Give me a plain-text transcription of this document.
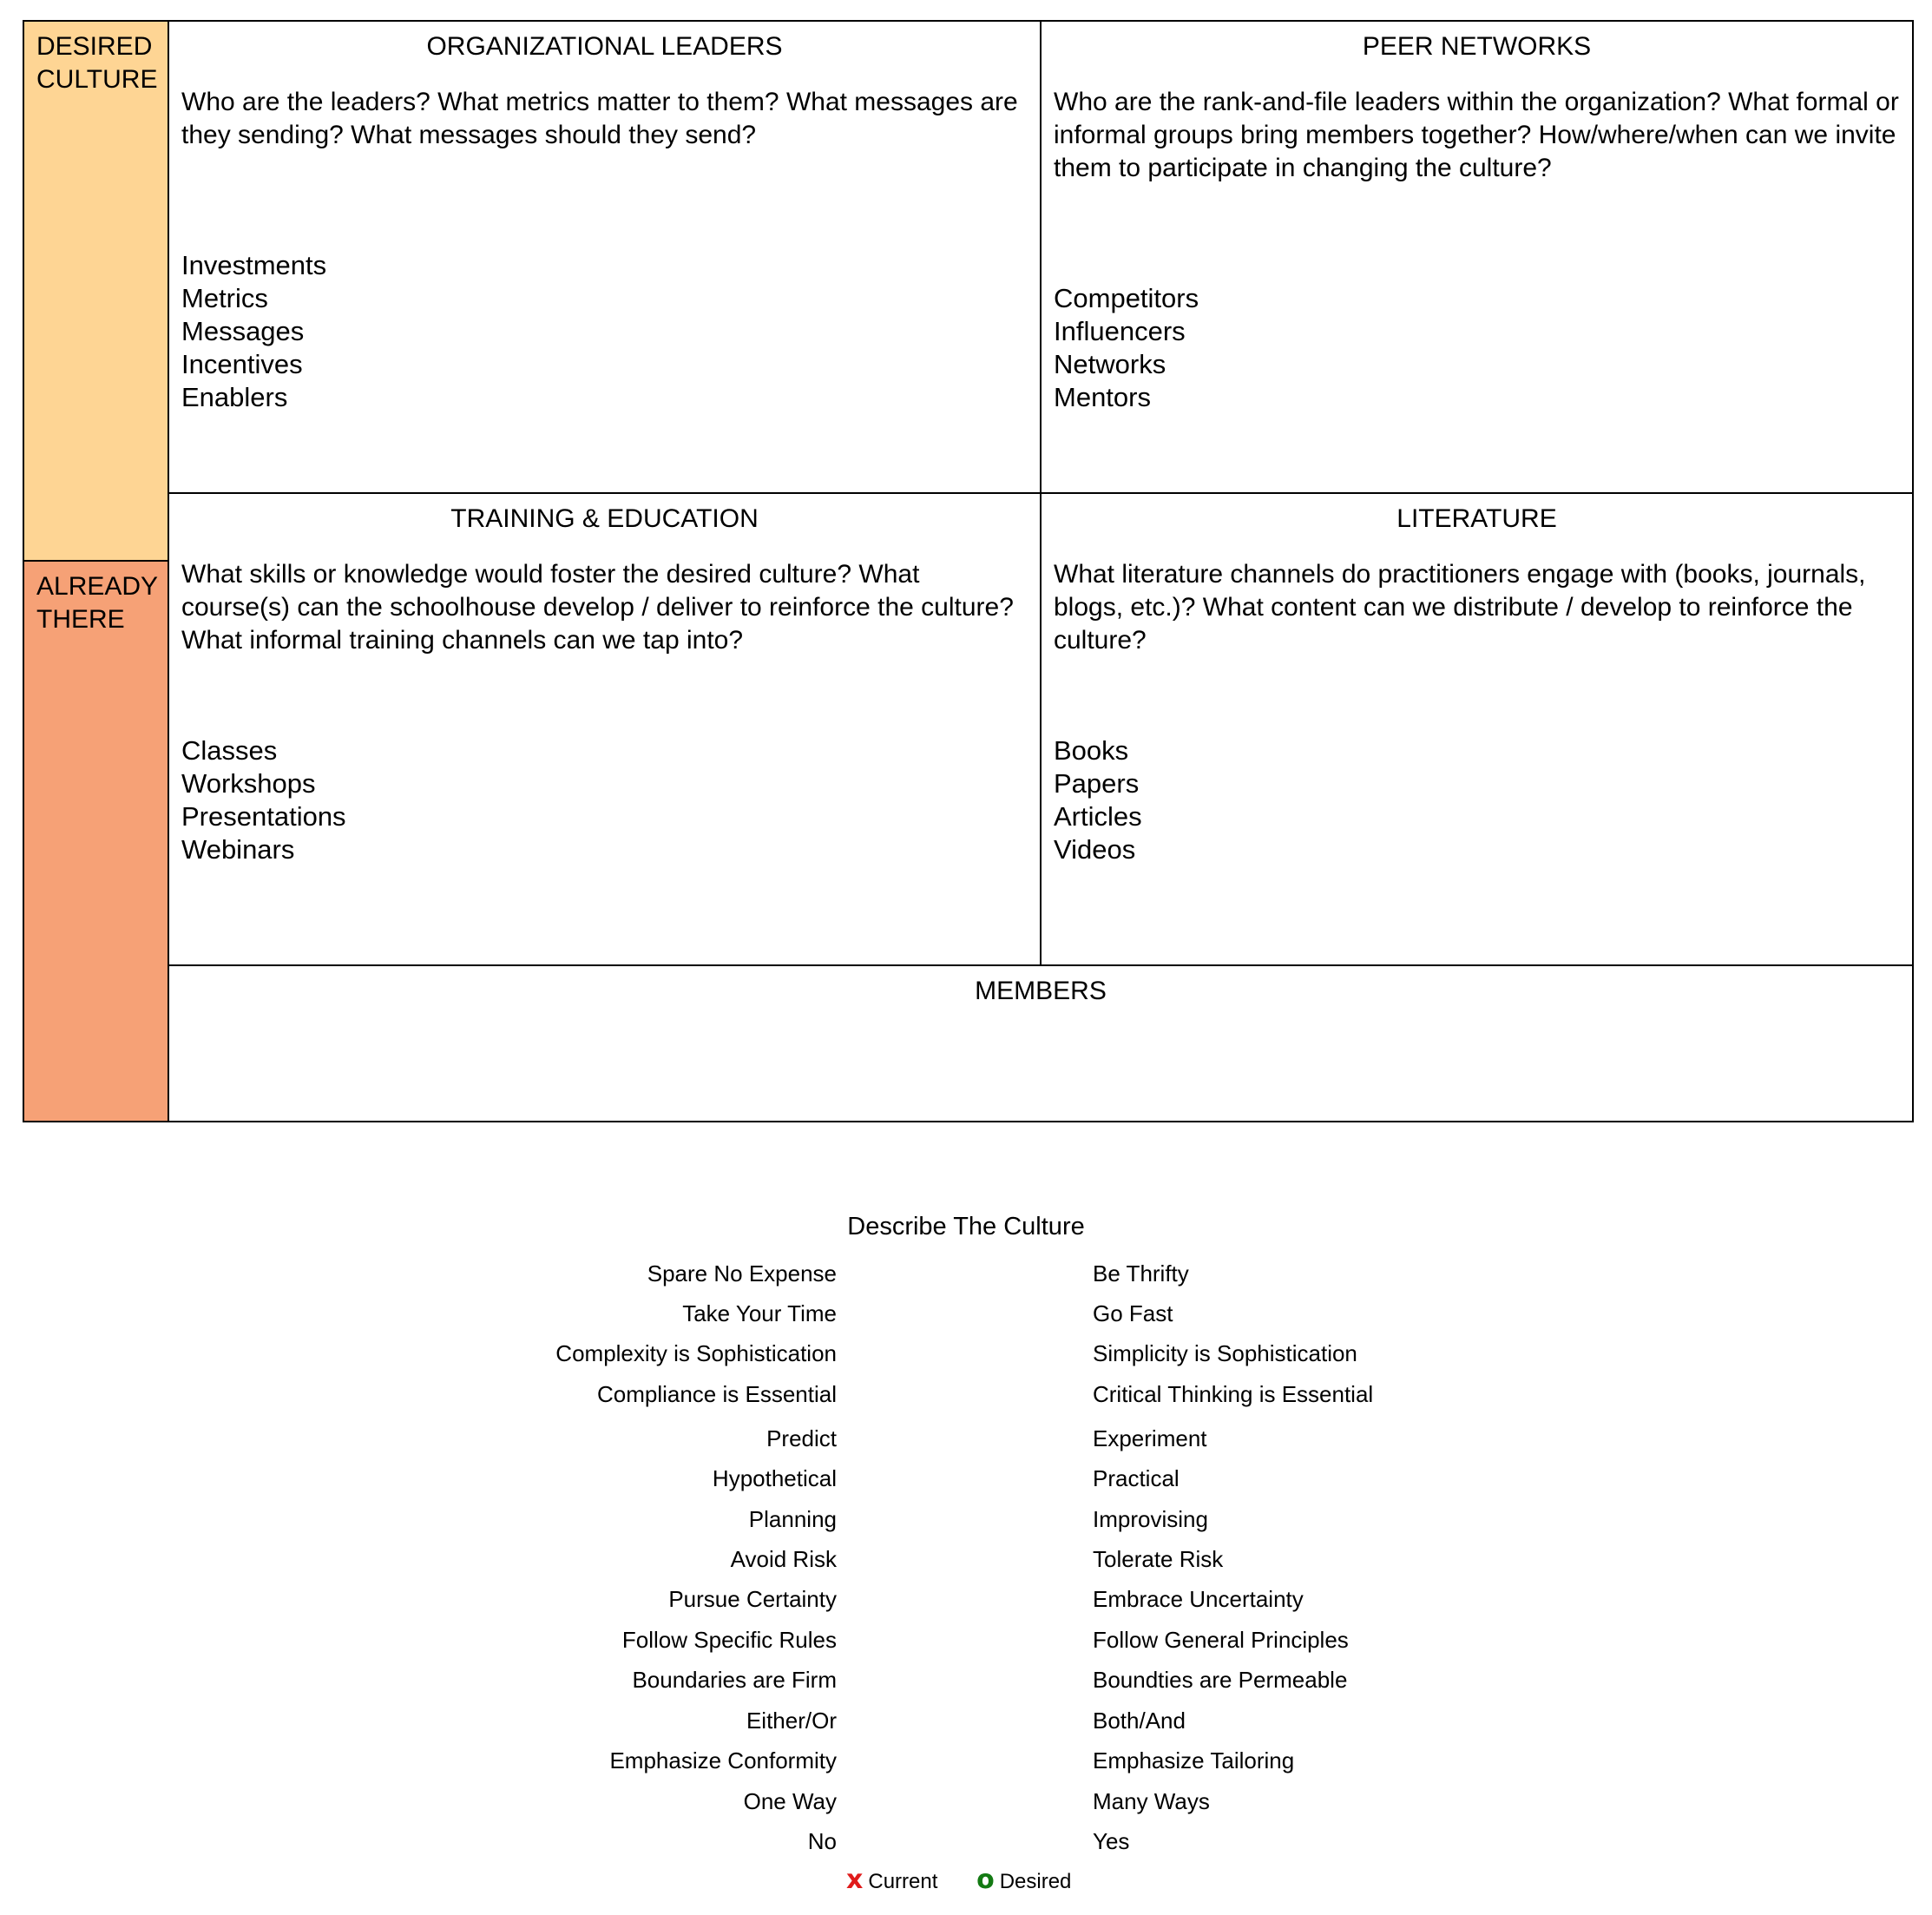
DESIRED
CULTURE
ALREADY
THERE
ORGANIZATIONAL LEADERS
Who are the leaders? What metrics matter to them? What messages are they sending? What messages should they send?
Investments
Metrics
Messages
Incentives
Enablers
PEER NETWORKS
Who are the rank-and-file leaders within the organization? What formal or informal groups bring members together? How/where/when can we invite them to participate in changing the culture?
Competitors
Influencers
Networks
Mentors
TRAINING & EDUCATION
What skills or knowledge would foster the desired culture? What course(s) can the schoolhouse develop / deliver to reinforce the culture? What informal training channels can we tap into?
Classes
Workshops
Presentations
Webinars
LITERATURE
What literature channels do practitioners engage with (books, journals, blogs, etc.)? What content can we distribute / develop to reinforce the culture?
Books
Papers
Articles
Videos
MEMBERS
Describe The Culture
Spare No Expense	Be Thrifty
Take Your Time	Go Fast
Complexity is Sophistication	Simplicity is Sophistication
Compliance is Essential	Critical Thinking is Essential
Predict	Experiment
Hypothetical	Practical
Planning	Improvising
Avoid Risk	Tolerate Risk
Pursue Certainty	Embrace Uncertainty
Follow Specific Rules	Follow General Principles
Boundaries are Firm	Boundties are Permeable
Either/Or	Both/And
Emphasize Conformity	Emphasize Tailoring
One Way	Many Ways
No	Yes
x Current o Desired
